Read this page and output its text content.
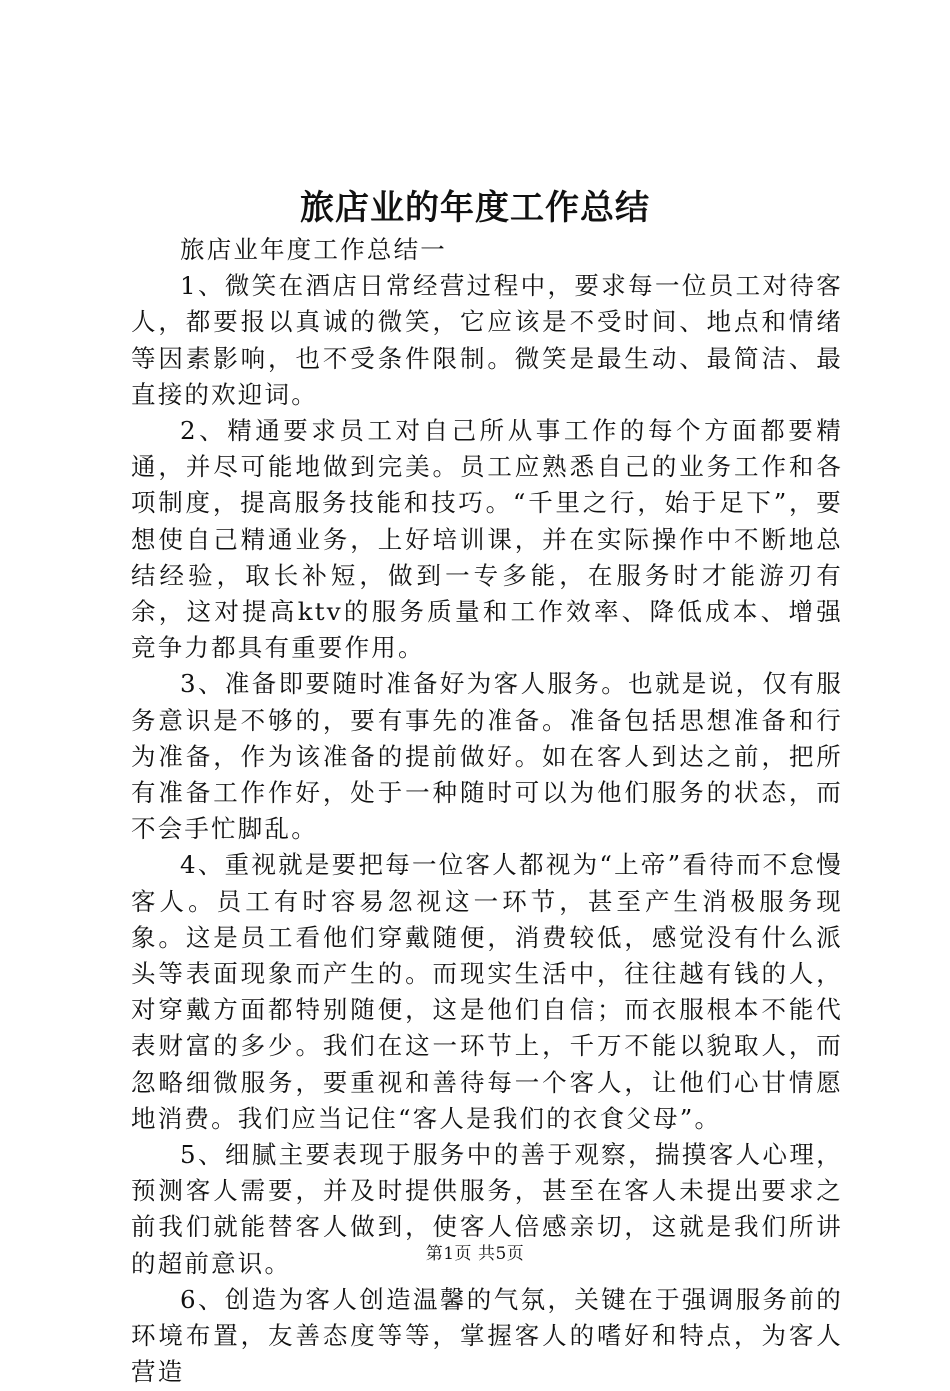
旅店业的年度工作总结

旅店业年度工作总结一

1、微笑在酒店日常经营过程中，要求每一位员工对待客人，都要报以真诚的微笑，它应该是不受时间、地点和情绪等因素影响，也不受条件限制。微笑是最生动、最简洁、最直接的欢迎词。

2、精通要求员工对自己所从事工作的每个方面都要精通，并尽可能地做到完美。员工应熟悉自己的业务工作和各项制度，提高服务技能和技巧。“千里之行，始于足下”，要想使自己精通业务，上好培训课，并在实际操作中不断地总结经验，取长补短，做到一专多能，在服务时才能游刃有余，这对提高ktv的服务质量和工作效率、降低成本、增强竞争力都具有重要作用。

3、准备即要随时准备好为客人服务。也就是说，仅有服务意识是不够的，要有事先的准备。准备包括思想准备和行为准备，作为该准备的提前做好。如在客人到达之前，把所有准备工作作好，处于一种随时可以为他们服务的状态，而不会手忙脚乱。

4、重视就是要把每一位客人都视为“上帝”看待而不怠慢客人。员工有时容易忽视这一环节，甚至产生消极服务现象。这是员工看他们穿戴随便，消费较低，感觉没有什么派头等表面现象而产生的。而现实生活中，往往越有钱的人，对穿戴方面都特别随便，这是他们自信；而衣服根本不能代表财富的多少。我们在这一环节上，千万不能以貌取人，而忽略细微服务，要重视和善待每一个客人，让他们心甘情愿地消费。我们应当记住“客人是我们的衣食父母”。

5、细腻主要表现于服务中的善于观察，揣摸客人心理，预测客人需要，并及时提供服务，甚至在客人未提出要求之前我们就能替客人做到，使客人倍感亲切，这就是我们所讲的超前意识。

6、创造为客人创造温馨的气氛，关键在于强调服务前的环境布置，友善态度等等，掌握客人的嗜好和特点，为客人营造

第1页 共5页
